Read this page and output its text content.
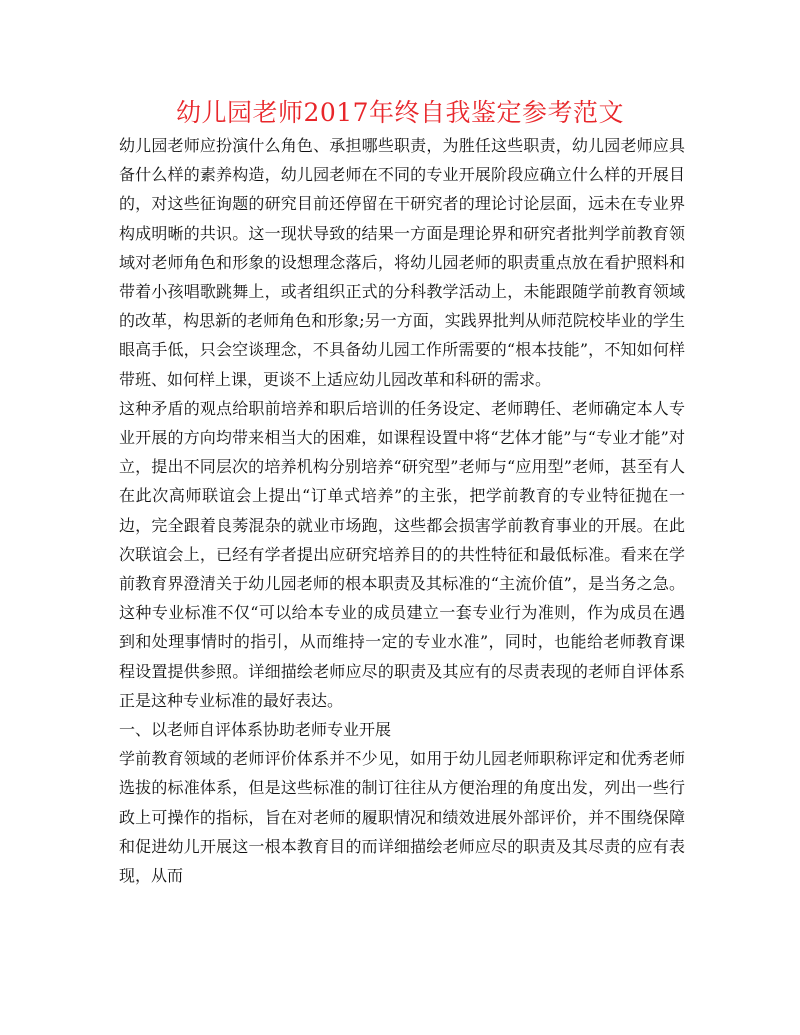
幼儿园老师2017年终自我鉴定参考范文

幼儿园老师应扮演什么角色、承担哪些职责，为胜任这些职责，幼儿园老师应具备什么样的素养构造，幼儿园老师在不同的专业开展阶段应确立什么样的开展目的，对这些征询题的研究目前还停留在干研究者的理论讨论层面，远未在专业界构成明晰的共识。这一现状导致的结果一方面是理论界和研究者批判学前教育领域对老师角色和形象的设想理念落后，将幼儿园老师的职责重点放在看护照料和带着小孩唱歌跳舞上，或者组织正式的分科教学活动上，未能跟随学前教育领域的改革，构思新的老师角色和形象;另一方面，实践界批判从师范院校毕业的学生眼高手低，只会空谈理念，不具备幼儿园工作所需要的“根本技能”，不知如何样带班、如何样上课，更谈不上适应幼儿园改革和科研的需求。

这种矛盾的观点给职前培养和职后培训的任务设定、老师聘任、老师确定本人专业开展的方向均带来相当大的困难，如课程设置中将“艺体才能”与“专业才能”对立，提出不同层次的培养机构分别培养“研究型”老师与“应用型”老师，甚至有人在此次高师联谊会上提出“订单式培养”的主张，把学前教育的专业特征抛在一边，完全跟着良莠混杂的就业市场跑，这些都会损害学前教育事业的开展。在此次联谊会上，已经有学者提出应研究培养目的的共性特征和最低标准。看来在学前教育界澄清关于幼儿园老师的根本职责及其标准的“主流价值”，是当务之急。这种专业标准不仅“可以给本专业的成员建立一套专业行为准则，作为成员在遇到和处理事情时的指引，从而维持一定的专业水准”，同时，也能给老师教育课程设置提供参照。详细描绘老师应尽的职责及其应有的尽责表现的老师自评体系正是这种专业标准的最好表达。

一、以老师自评体系协助老师专业开展

学前教育领域的老师评价体系并不少见，如用于幼儿园老师职称评定和优秀老师选拔的标准体系，但是这些标准的制订往往从方便治理的角度出发，列出一些行政上可操作的指标，旨在对老师的履职情况和绩效进展外部评价，并不围绕保障和促进幼儿开展这一根本教育目的而详细描绘老师应尽的职责及其尽责的应有表现，从而
